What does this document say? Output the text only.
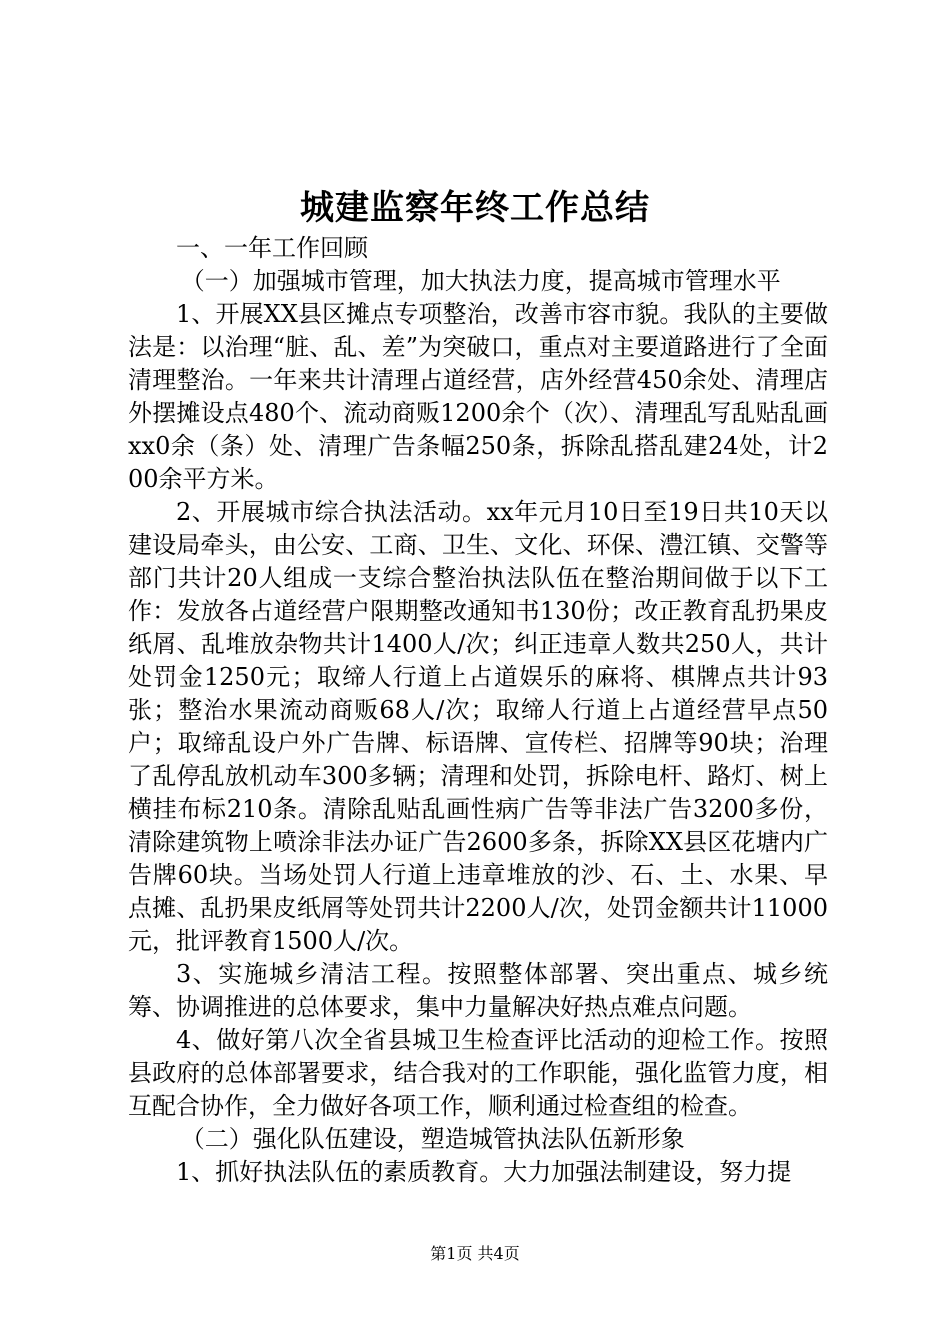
城建监察年终工作总结

一、一年工作回顾

（一）加强城市管理，加大执法力度，提高城市管理水平

1、开展XX县区摊点专项整治，改善市容市貌。我队的主要做法是：以治理“脏、乱、差”为突破口，重点对主要道路进行了全面清理整治。一年来共计清理占道经营，店外经营450余处、清理店外摆摊设点480个、流动商贩1200余个（次）、清理乱写乱贴乱画xx0余（条）处、清理广告条幅250条，拆除乱搭乱建24处，计200余平方米。

2、开展城市综合执法活动。xx年元月10日至19日共10天以建设局牵头，由公安、工商、卫生、文化、环保、澧江镇、交警等部门共计20人组成一支综合整治执法队伍在整治期间做于以下工作：发放各占道经营户限期整改通知书130份；改正教育乱扔果皮纸屑、乱堆放杂物共计1400人/次；纠正违章人数共250人，共计处罚金1250元；取缔人行道上占道娱乐的麻将、棋牌点共计93张；整治水果流动商贩68人/次；取缔人行道上占道经营早点50户；取缔乱设户外广告牌、标语牌、宣传栏、招牌等90块；治理了乱停乱放机动车300多辆；清理和处罚，拆除电杆、路灯、树上横挂布标210条。清除乱贴乱画性病广告等非法广告3200多份，清除建筑物上喷涂非法办证广告2600多条，拆除XX县区花塘内广告牌60块。当场处罚人行道上违章堆放的沙、石、土、水果、早点摊、乱扔果皮纸屑等处罚共计2200人/次，处罚金额共计11000元，批评教育1500人/次。

3、实施城乡清洁工程。按照整体部署、突出重点、城乡统筹、协调推进的总体要求，集中力量解决好热点难点问题。

4、做好第八次全省县城卫生检查评比活动的迎检工作。按照县政府的总体部署要求，结合我对的工作职能，强化监管力度，相互配合协作，全力做好各项工作，顺利通过检查组的检查。

（二）强化队伍建设，塑造城管执法队伍新形象

1、抓好执法队伍的素质教育。大力加强法制建设，努力提

第1页 共4页
